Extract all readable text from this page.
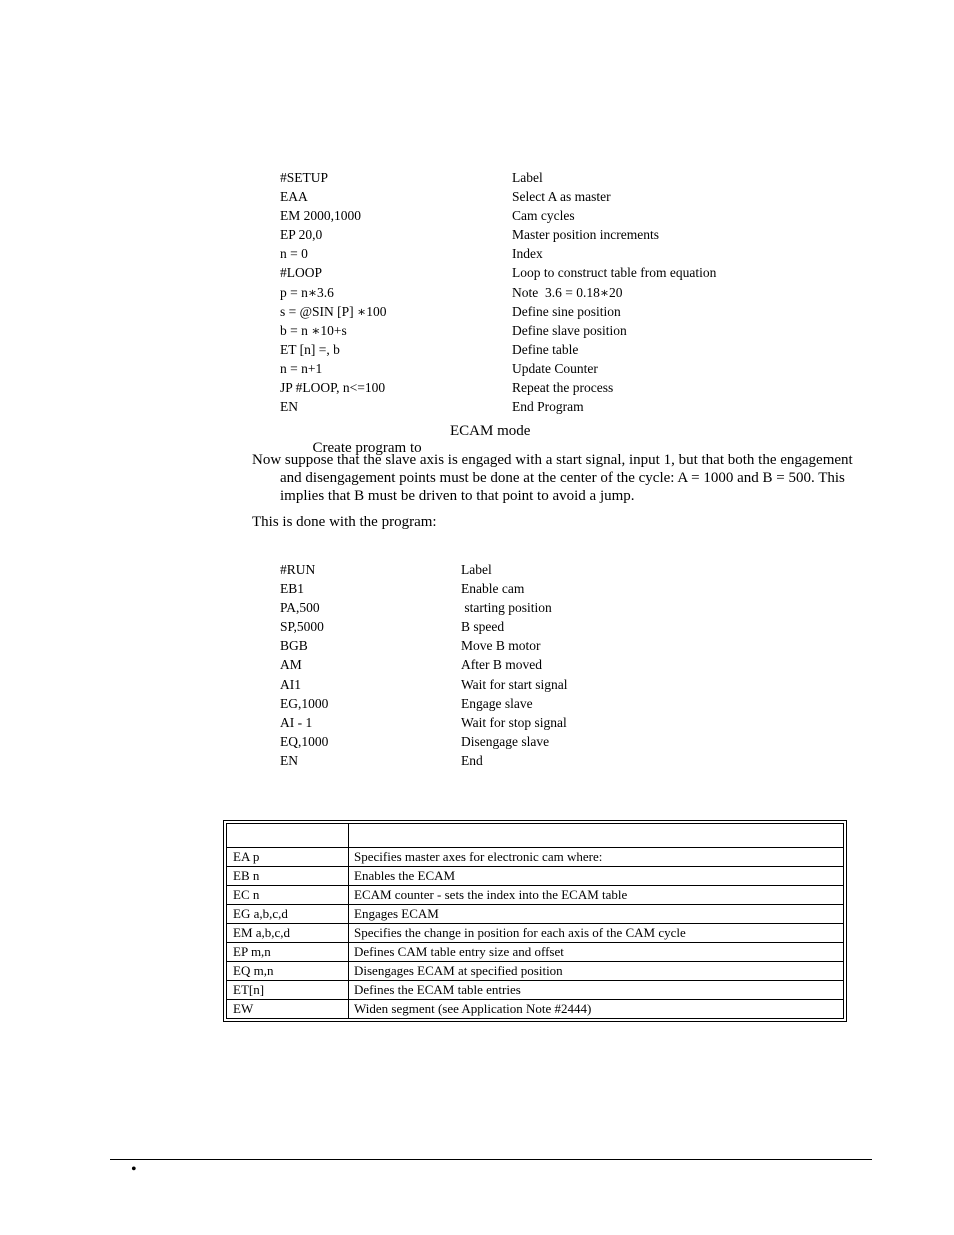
#SETUP	Label
EAA	Select A as master
EM 2000,1000	Cam cycles
EP 20,0	Master position increments
n = 0	Index
#LOOP	Loop to construct table from equation
p = n∗3.6	Note  3.6 = 0.18∗20
s = @SIN [P] ∗100	Define sine position
b = n ∗10+s	Define slave position
ET [n] =, b	Define table
n = n+1	Update Counter
JP #LOOP, n<=100	Repeat the process
EN	End Program

Create program to

ECAM mode

Now suppose that the slave axis is engaged with a start signal, input 1, but that both the engagement and disengagement points must be done at the center of the cycle: A = 1000 and B = 500. This implies that B must be driven to that point to avoid a jump.

This is done with the program:

#RUN	Label
EB1	Enable cam
PA,500	starting position
SP,5000	B speed
BGB	Move B motor
AM	After B moved
AI1	Wait for start signal
EG,1000	Engage slave
AI - 1	Wait for stop signal
EQ,1000	Disengage slave
EN	End

EA p	Specifies master axes for electronic cam where:
EB n	Enables the ECAM
EC n	ECAM counter - sets the index into the ECAM table
EG a,b,c,d	Engages ECAM
EM a,b,c,d	Specifies the change in position for each axis of the CAM cycle
EP m,n	Defines CAM table entry size and offset
EQ m,n	Disengages ECAM at specified position
ET[n]	Defines the ECAM table entries
EW	Widen segment (see Application Note #2444)
•
